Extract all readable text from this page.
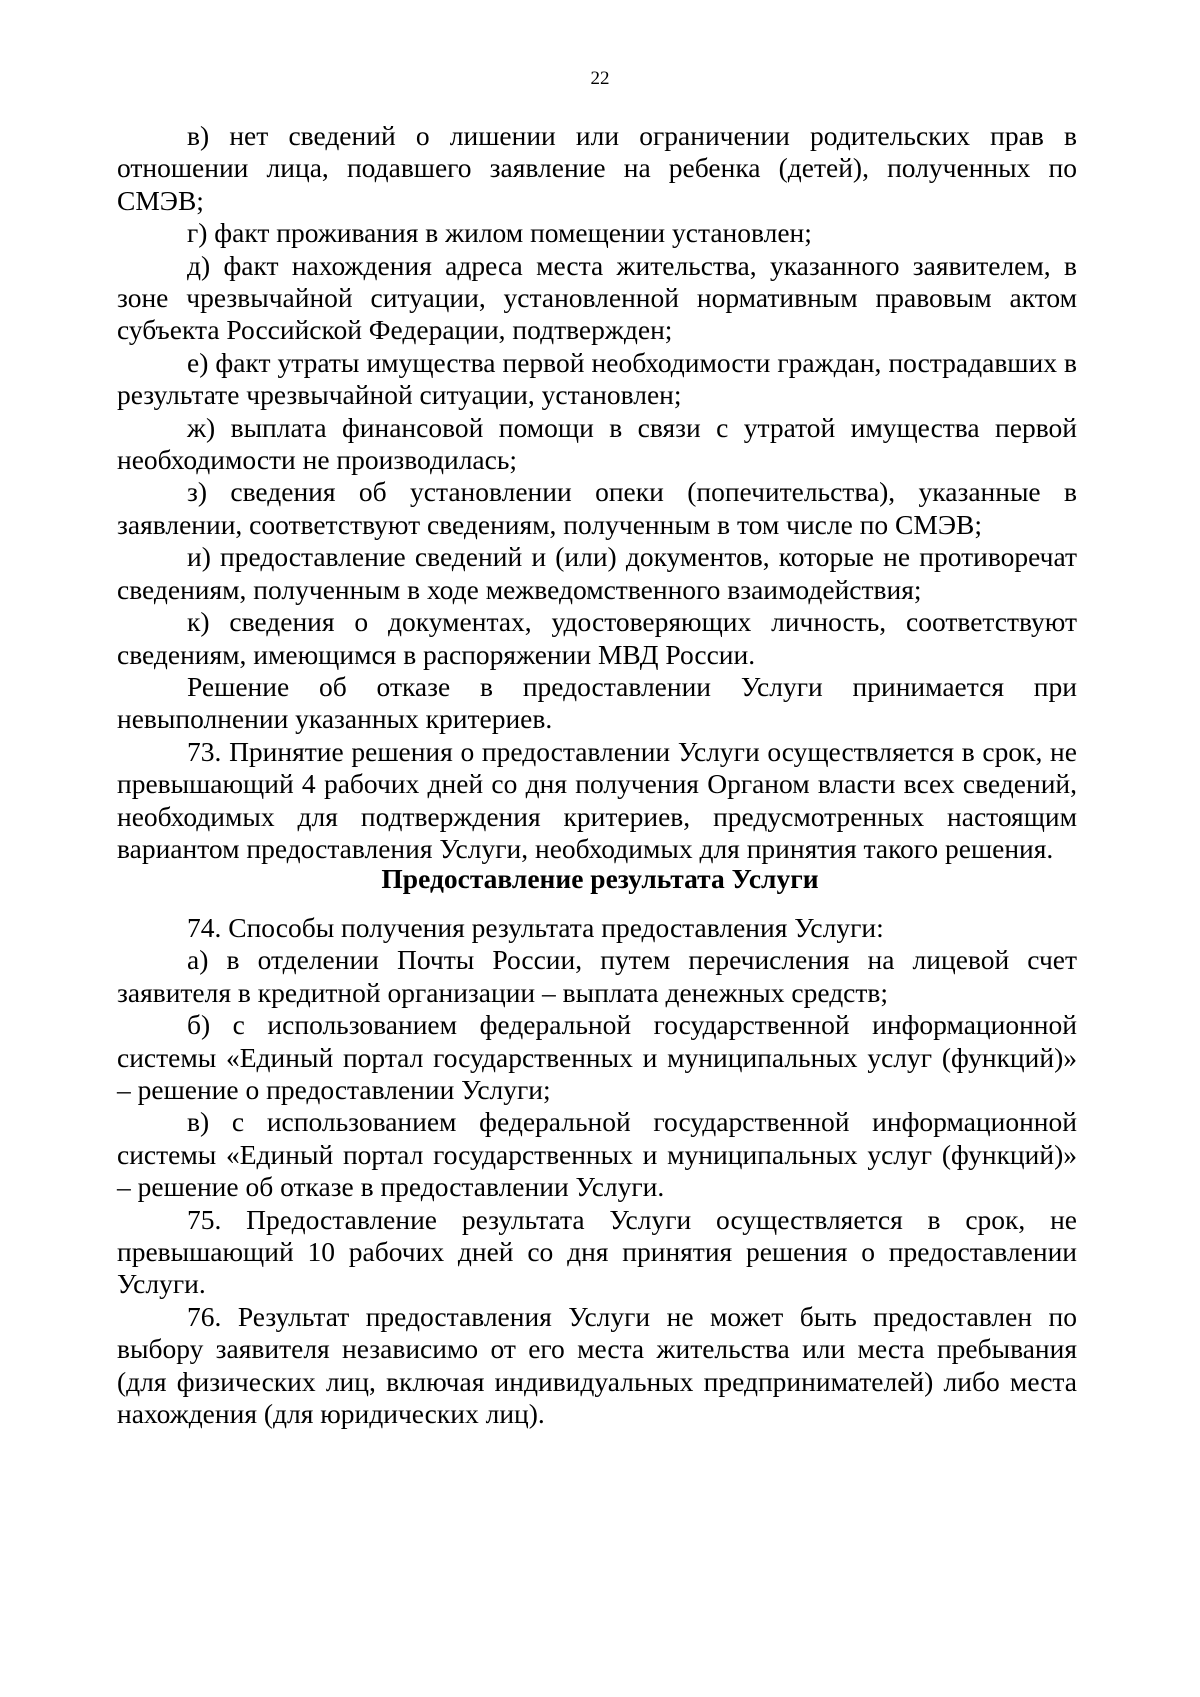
22

в) нет сведений о лишении или ограничении родительских прав в отношении лица, подавшего заявление на ребенка (детей), полученных по СМЭВ;

г) факт проживания в жилом помещении установлен;

д) факт нахождения адреса места жительства, указанного заявителем, в зоне чрезвычайной ситуации, установленной нормативным правовым актом субъекта Российской Федерации, подтвержден;

е) факт утраты имущества первой необходимости граждан, пострадавших в результате чрезвычайной ситуации, установлен;

ж) выплата финансовой помощи в связи с утратой имущества первой необходимости не производилась;

з) сведения об установлении опеки (попечительства), указанные в заявлении, соответствуют сведениям, полученным в том числе по СМЭВ;

и) предоставление сведений и (или) документов, которые не противоречат сведениям, полученным в ходе межведомственного взаимодействия;

к) сведения о документах, удостоверяющих личность, соответствуют сведениям, имеющимся в распоряжении МВД России.

Решение об отказе в предоставлении Услуги принимается при невыполнении указанных критериев.

73. Принятие решения о предоставлении Услуги осуществляется в срок, не превышающий 4 рабочих дней со дня получения Органом власти всех сведений, необходимых для подтверждения критериев, предусмотренных настоящим вариантом предоставления Услуги, необходимых для принятия такого решения.

Предоставление результата Услуги

74. Способы получения результата предоставления Услуги:

а) в отделении Почты России, путем перечисления на лицевой счет заявителя в кредитной организации – выплата денежных средств;

б) с использованием федеральной государственной информационной системы «Единый портал государственных и муниципальных услуг (функций)» – решение о предоставлении Услуги;

в) с использованием федеральной государственной информационной системы «Единый портал государственных и муниципальных услуг (функций)» – решение об отказе в предоставлении Услуги.

75. Предоставление результата Услуги осуществляется в срок, не превышающий 10 рабочих дней со дня принятия решения о предоставлении Услуги.

76. Результат предоставления Услуги не может быть предоставлен по выбору заявителя независимо от его места жительства или места пребывания (для физических лиц, включая индивидуальных предпринимателей) либо места нахождения (для юридических лиц).
